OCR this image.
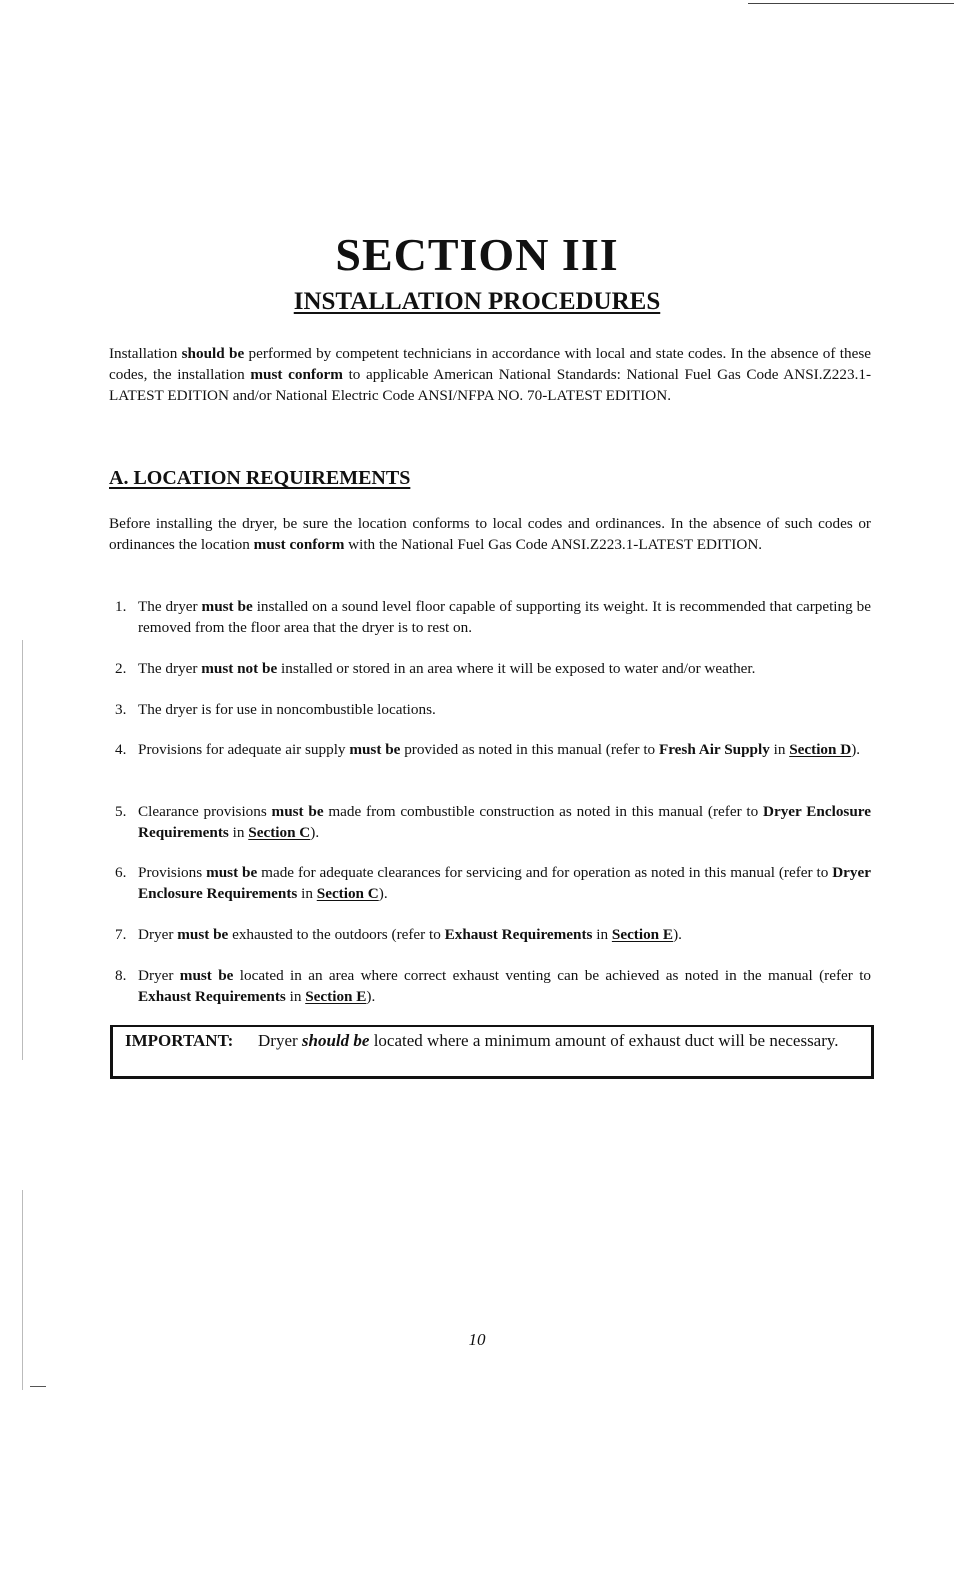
SECTION III
INSTALLATION PROCEDURES

Installation should be performed by competent technicians in accordance with local and state codes. In the absence of these codes, the installation must conform to applicable American National Standards: National Fuel Gas Code ANSI.Z223.1-LATEST EDITION and/or National Electric Code ANSI/NFPA NO. 70-LATEST EDITION.

A. LOCATION REQUIREMENTS

Before installing the dryer, be sure the location conforms to local codes and ordinances. In the absence of such codes or ordinances the location must conform with the National Fuel Gas Code ANSI.Z223.1-LATEST EDITION.

1. The dryer must be installed on a sound level floor capable of supporting its weight. It is recommended that carpeting be removed from the floor area that the dryer is to rest on.
2. The dryer must not be installed or stored in an area where it will be exposed to water and/or weather.
3. The dryer is for use in noncombustible locations.
4. Provisions for adequate air supply must be provided as noted in this manual (refer to Fresh Air Supply in Section D).
5. Clearance provisions must be made from combustible construction as noted in this manual (refer to Dryer Enclosure Requirements in Section C).
6. Provisions must be made for adequate clearances for servicing and for operation as noted in this manual (refer to Dryer Enclosure Requirements in Section C).
7. Dryer must be exhausted to the outdoors (refer to Exhaust Requirements in Section E).
8. Dryer must be located in an area where correct exhaust venting can be achieved as noted in the manual (refer to Exhaust Requirements in Section E).
IMPORTANT: Dryer should be located where a minimum amount of exhaust duct will be necessary.
10
